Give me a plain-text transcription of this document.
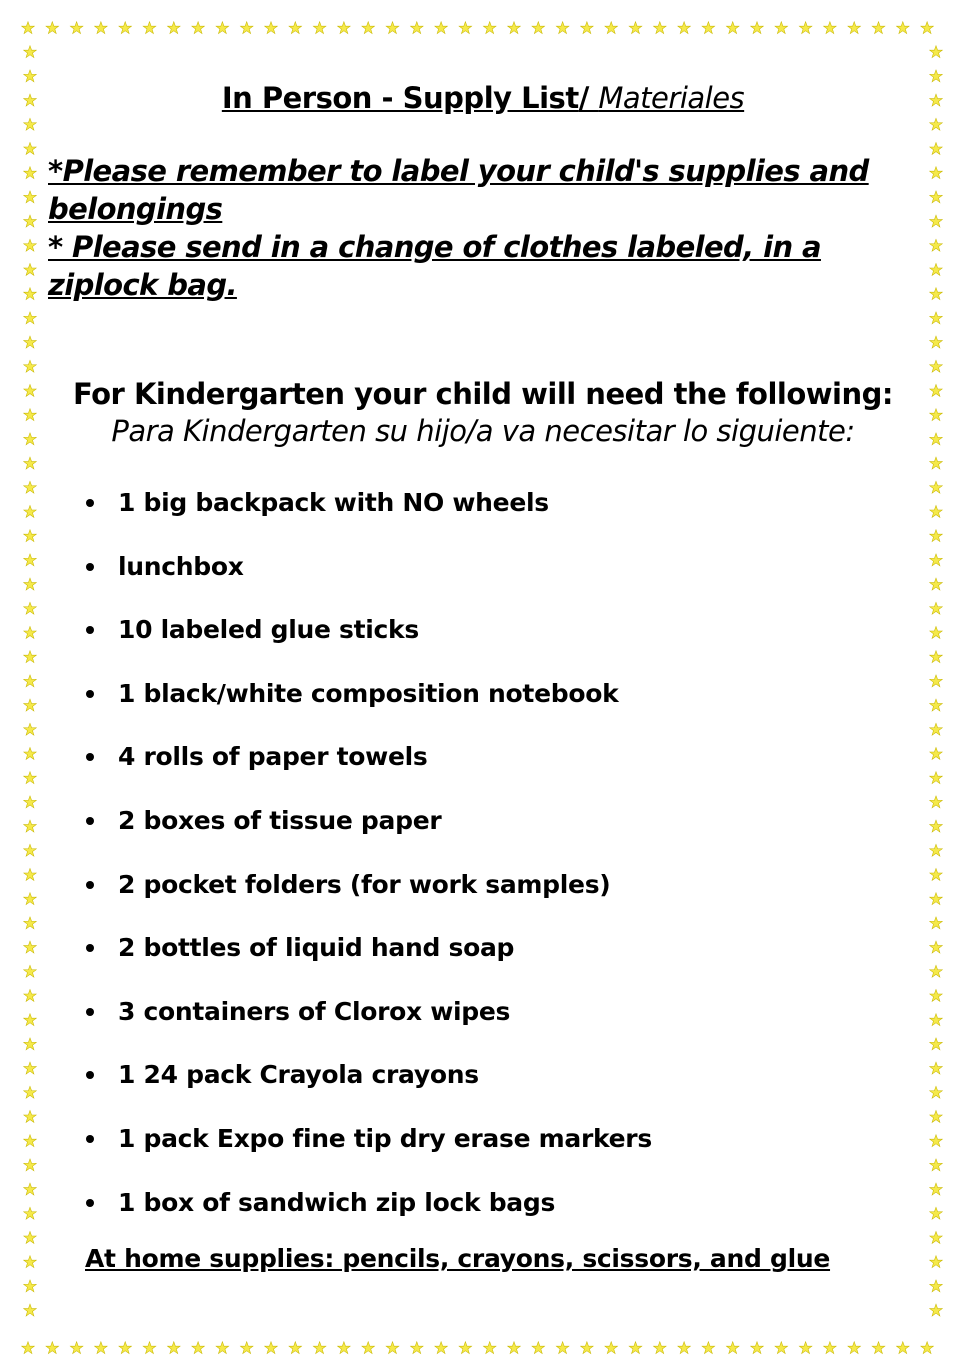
In Person - Supply List/ Materiales

*Please remember to label your child's supplies and belongings

* Please send in a change of clothes labeled, in a ziplock bag.

For Kindergarten your child will need the following:
Para Kindergarten su hijo/a va necesitar lo siguiente:
1 big backpack with NO wheels
lunchbox
10 labeled glue sticks
1 black/white composition notebook
4 rolls of paper towels
2 boxes of tissue paper
2 pocket folders (for work samples)
2 bottles of liquid hand soap
3 containers of Clorox wipes
1 24 pack Crayola crayons
1 pack Expo fine tip dry erase markers
1 box of sandwich zip lock bags
At home supplies: pencils, crayons, scissors, and glue
